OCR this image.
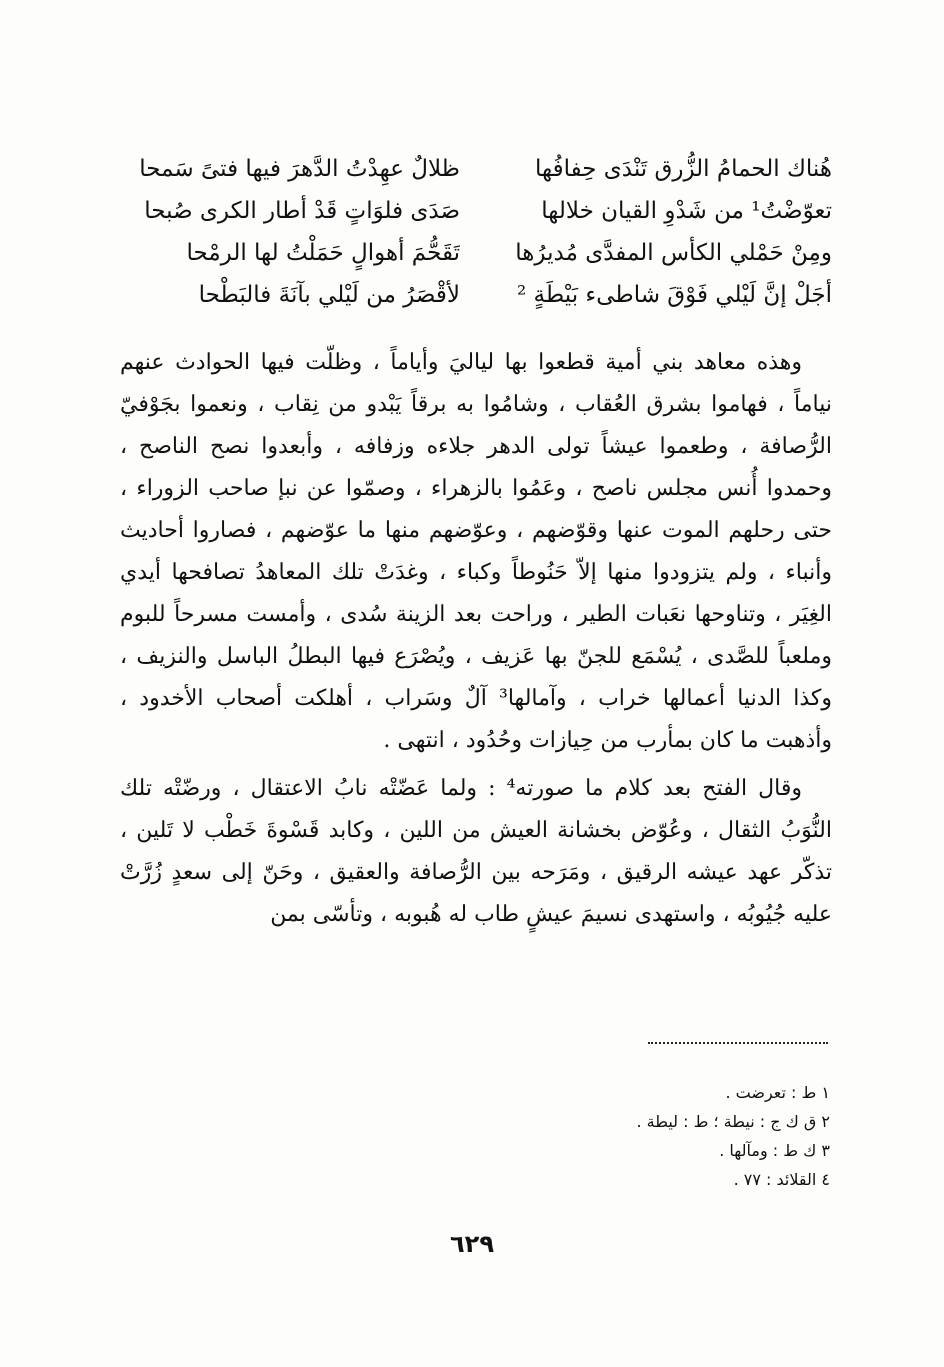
هُناك الحمامُ الزُّرق تَنْدَى حِفافُها
ظلالٌ عهِدْتُ الدَّهرَ فيها فتىً سَمحا
تعوّضْتُ¹ من شَدْوِ القيان خلالها
صَدَى فلوَاتٍ قَدْ أطار الكرى صُبحا
ومِنْ حَمْلي الكأس المفدَّى مُديرُها
تَقَحُّمَ أهوالٍ حَمَلْتُ لها الرمْحا
أجَلْ إنَّ لَيْلي فَوْقَ شاطىء بَيْطَةٍ ²
لأقْصَرُ من لَيْلي بآنَةَ فالبَطْحا

وهذه معاهد بني أمية قطعوا بها لياليَ وأياماً ، وظلّت فيها الحوادث عنهم نياماً ، فهاموا بشرق العُقاب ، وشامُوا به برقاً يَبْدو من نِقاب ، ونعموا بجَوْفيّ الرُّصافة ، وطعموا عيشاً تولى الدهر جلاءه وزفافه ، وأبعدوا نصح الناصح ، وحمدوا أُنس مجلس ناصح ، وعَمُوا بالزهراء ، وصمّوا عن نبإ صاحب الزوراء ، حتى رحلهم الموت عنها وقوّضهم ، وعوّضهم منها ما عوّضهم ، فصاروا أحاديث وأنباء ، ولم يتزودوا منها إلاّ حَنُوطاً وكباء ، وغدَتْ تلك المعاهدُ تصافحها أيدي الغِيَر ، وتناوحها نعَبات الطير ، وراحت بعد الزينة سُدى ، وأمست مسرحاً للبوم وملعباً للصَّدى ، يُسْمَع للجنّ بها عَزيف ، ويُصْرَع فيها البطلُ الباسل والنزيف ، وكذا الدنيا أعمالها خراب ، وآمالها³ آلٌ وسَراب ، أهلكت أصحاب الأخدود ، وأذهبت ما كان بمأرب من حِيازات وحُدُود ، انتهى .

وقال الفتح بعد كلام ما صورته⁴ : ولما عَضّتْه نابُ الاعتقال ، ورضّتْه تلك النُّوَبُ الثقال ، وعُوّض بخشانة العيش من اللين ، وكابد قَسْوةَ خَطْب لا تَلين ، تذكّر عهد عيشه الرقيق ، ومَرَحه بين الرُّصافة والعقيق ، وحَنّ إلى سعدٍ زُرَّتْ عليه جُيُوبُه ، واستهدى نسيمَ عيشٍ طاب له هُبوبه ، وتأسّى بمن

١ ط : تعرضت .
٢ ق ك ج : نيطة ؛ ط : ليطة .
٣ ك ط : ومآلها .
٤ القلائد : ٧٧ .
٦٢٩
